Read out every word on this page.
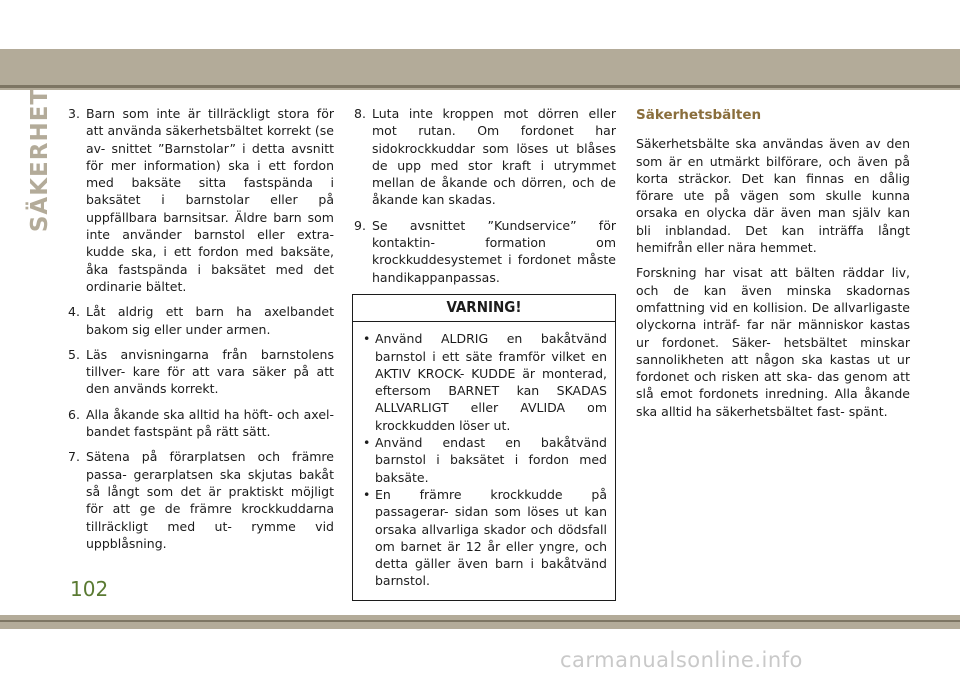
SÄKERHET 3. Barn som inte är tillräckligt stora för att använda säkerhetsbältet korrekt (se av- snittet ”Barnstolar” i detta avsnitt för mer information) ska i ett fordon med baksäte sitta fastspända i baksätet i barnstolar eller på uppfällbara barnsitsar. Äldre barn som inte använder barnstol eller extra- kudde ska, i ett fordon med baksäte, åka fastspända i baksätet med det ordinarie bältet.
4. Låt aldrig ett barn ha axelbandet bakom sig eller under armen.
5. Läs anvisningarna från barnstolens tillver- kare för att vara säker på att den används korrekt.
6. Alla åkande ska alltid ha höft- och axel- bandet fastspänt på rätt sätt.
7. Sätena på förarplatsen och främre passa- gerarplatsen ska skjutas bakåt så långt som det är praktiskt möjligt för att ge de främre krockkuddarna tillräckligt med ut- rymme vid uppblåsning.
8. Luta inte kroppen mot dörren eller mot rutan. Om fordonet har sidokrockkuddar som löses ut blåses de upp med stor kraft i utrymmet mellan de åkande och dörren, och de åkande kan skadas.
9. Se avsnittet ”Kundservice” för kontaktin- formation om krockkuddesystemet i fordonet måste handikappanpassas.
VARNING!
• Använd ALDRIG en bakåtvänd barnstol i ett säte framför vilket en AKTIV KROCK- KUDDE är monterad, eftersom BARNET kan SKADAS ALLVARLIGT eller AVLIDA om krockkudden löser ut.
• Använd endast en bakåtvänd barnstol i baksätet i fordon med baksäte.
• En främre krockkudde på passagerar- sidan som löses ut kan orsaka allvarliga skador och dödsfall om barnet är 12 år eller yngre, och detta gäller även barn i bakåtvänd barnstol.
Säkerhetsbälten

Säkerhetsbälte ska användas även av den som är en utmärkt bilförare, och även på korta sträckor. Det kan finnas en dålig förare ute på vägen som skulle kunna orsaka en olycka där även man själv kan bli inblandad. Det kan inträffa långt hemifrån eller nära hemmet.

Forskning har visat att bälten räddar liv, och de kan även minska skadornas omfattning vid en kollision. De allvarligaste olyckorna inträf- far när människor kastas ur fordonet. Säker- hetsbältet minskar sannolikheten att någon ska kastas ut ur fordonet och risken att ska- das genom att slå emot fordonets inredning. Alla åkande ska alltid ha säkerhetsbältet fast- spänt.

102
carmanualsonline.info
